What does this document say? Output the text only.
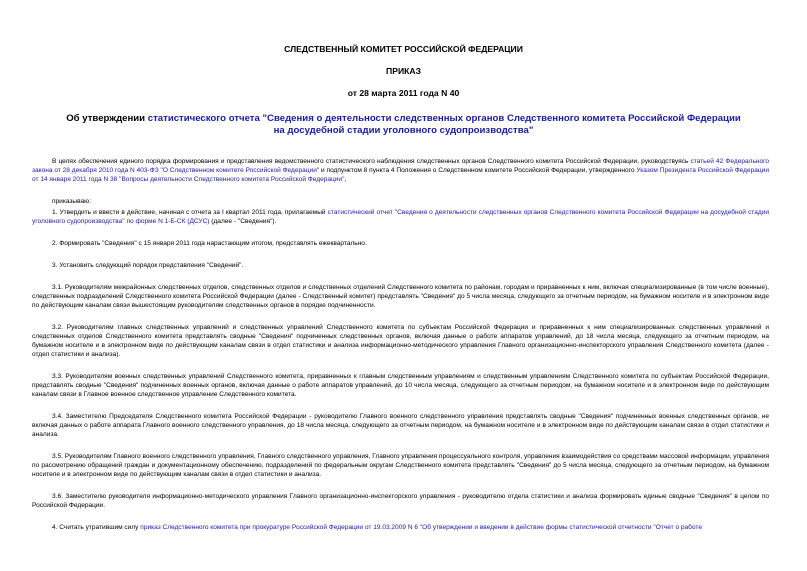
СЛЕДСТВЕННЫЙ КОМИТЕТ РОССИЙСКОЙ ФЕДЕРАЦИИ
ПРИКАЗ
от 28 марта 2011 года N 40
Об утверждении статистического отчета "Сведения о деятельности следственных органов Следственного комитета Российской Федерации на досудебной стадии уголовного судопроизводства"

В целях обеспечения единого порядка формирования и представления ведомственного статистического наблюдения следственных органов Следственного комитета Российской Федерации, руководствуясь статьей 42 Федерального закона от 28 декабря 2010 года N 403-ФЗ "О Следственном комитете Российской Федерации" и подпунктом 8 пункта 4 Положения о Следственном комитете Российской Федерации, утвержденного Указом Президента Российской Федерации от 14 января 2011 года N 38 "Вопросы деятельности Следственного комитета Российской Федерации",

приказываю:

1. Утвердить и ввести в действие, начиная с отчета за I квартал 2011 года, прилагаемый статистический отчет "Сведения о деятельности следственных органов Следственного комитета Российской Федерации на досудебной стадии уголовного судопроизводства" по форме N 1-Б-СК (ДСУС) (далее - "Сведения").

2. Формировать "Сведения" с 15 января 2011 года нарастающим итогом, представлять ежеквартально.

3. Установить следующий порядок представления "Сведений".

3.1. Руководителям межрайонных следственных отделов, следственных отделов и следственных отделений Следственного комитета по районам, городам и приравненных к ним, включая специализированные (в том числе военные), следственных подразделений Следственного комитета Российской Федерации (далее - Следственный комитет) представлять "Сведения" до 5 числа месяца, следующего за отчетным периодом, на бумажном носителе и в электронном виде по действующим каналам связи вышестоящим руководителям следственных органов в порядке подчиненности.

3.2. Руководителям главных следственных управлений и следственных управлений Следственного комитета по субъектам Российской Федерации и приравненных к ним специализированных следственных управлений и следственных отделов Следственного комитета представлять сводные "Сведения" подчиненных следственных органов, включая данные о работе аппаратов управлений, до 18 числа месяца, следующего за отчетным периодом, на бумажном носителе и в электронном виде по действующим каналам связи в отдел статистики и анализа информационно-методического управления Главного организационно-инспекторского управления Следственного комитета (далее - отдел статистики и анализа).

3.3. Руководителям военных следственных управлений Следственного комитета, приравненных к главным следственным управлениям и следственным управлениям Следственного комитета по субъектам Российской Федерации, представлять сводные "Сведения" подчиненных военных органов, включая данные о работе аппаратов управлений, до 10 числа месяца, следующего за отчетным периодом, на бумажном носителе и в электронном виде по действующим каналам связи в Главное военное следственное управление Следственного комитета.

3.4. Заместителю Председателя Следственного комитета Российской Федерации - руководителю Главного военного следственного управления представлять сводные "Сведения" подчиненных военных следственных органов, не включая данных о работе аппарата Главного военного следственного управления, до 18 числа месяца, следующего за отчетным периодом, на бумажном носителе и в электронном виде по действующим каналам связи в отдел статистики и анализа.

3.5. Руководителям Главного военного следственного управления, Главного следственного управления, Главного управления процессуального контроля, управления взаимодействия со средствами массовой информации, управления по рассмотрению обращений граждан и документационному обеспечению, подразделений по федеральным округам Следственного комитета представлять "Сведения" до 5 числа месяца, следующего за отчетным периодом, на бумажном носителе и в электронном виде по действующим каналам связи в отдел статистики и анализа.

3.6. Заместителю руководителя информационно-методического управления Главного организационно-инспекторского управления - руководителю отдела статистики и анализа формировать единые сводные "Сведения" в целом по Российской Федерации.

4. Считать утратившим силу приказ Следственного комитета при прокуратуре Российской Федерации от 19.03.2009 N 6 "Об утверждении и введении в действие формы статистической отчетности "Отчет о работе
